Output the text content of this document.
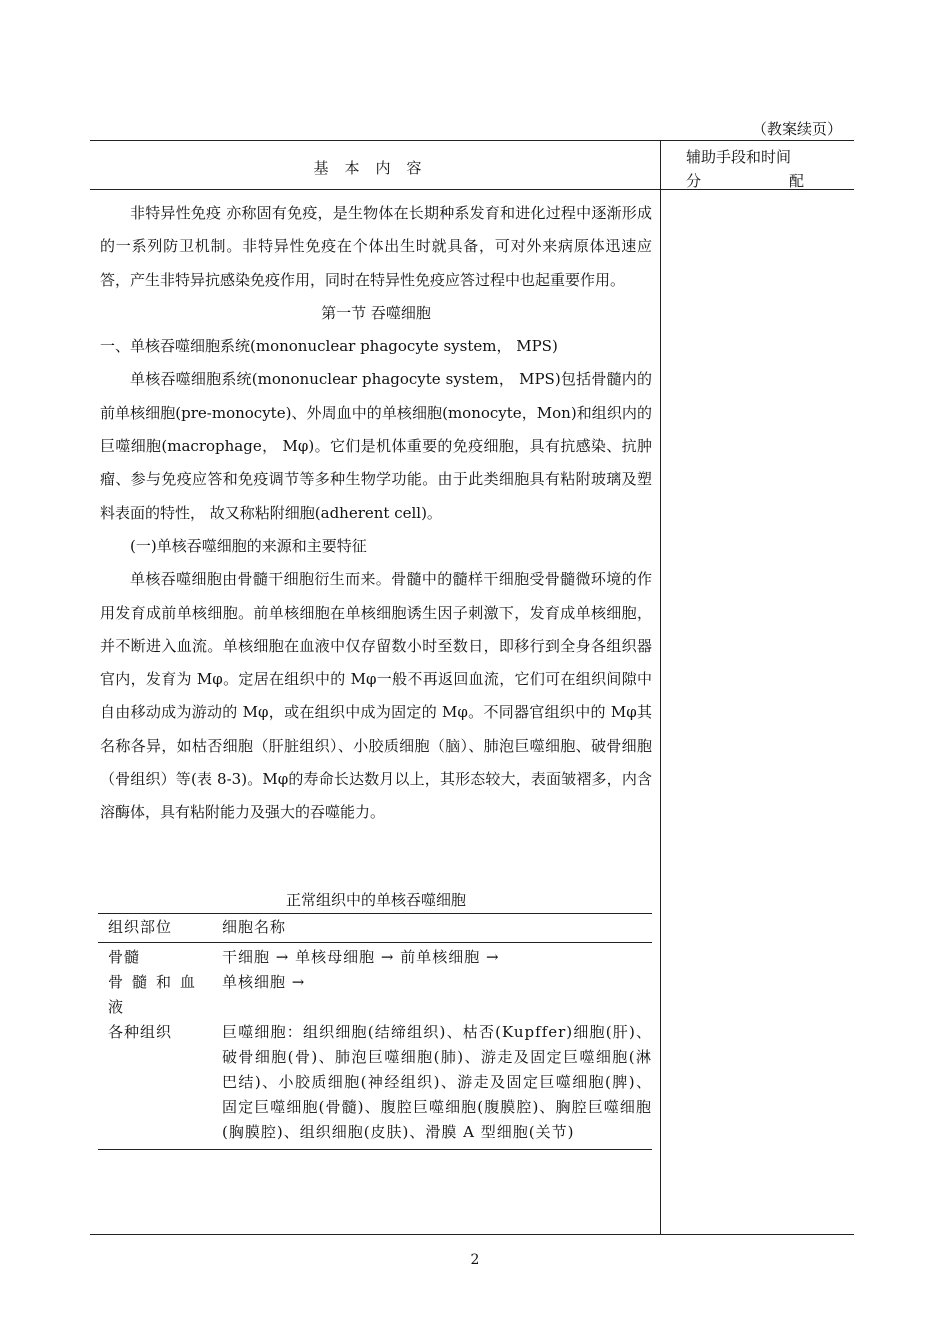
（教案续页）
基本内容
辅助手段和时间
分	配

非特异性免疫 亦称固有免疫，是生物体在长期种系发育和进化过程中逐渐形成的一系列防卫机制。非特异性免疫在个体出生时就具备，可对外来病原体迅速应答，产生非特异抗感染免疫作用，同时在特异性免疫应答过程中也起重要作用。

第一节 吞噬细胞

一、单核吞噬细胞系统(mononuclear phagocyte system， MPS)

单核吞噬细胞系统(mononuclear phagocyte system， MPS)包括骨髓内的前单核细胞(pre-monocyte)、外周血中的单核细胞(monocyte，Mon)和组织内的巨噬细胞(macrophage， Mφ)。它们是机体重要的免疫细胞，具有抗感染、抗肿瘤、参与免疫应答和免疫调节等多种生物学功能。由于此类细胞具有粘附玻璃及塑料表面的特性， 故又称粘附细胞(adherent cell)。

(一)单核吞噬细胞的来源和主要特征

单核吞噬细胞由骨髓干细胞衍生而来。骨髓中的髓样干细胞受骨髓微环境的作用发育成前单核细胞。前单核细胞在单核细胞诱生因子刺激下，发育成单核细胞，并不断进入血流。单核细胞在血液中仅存留数小时至数日，即移行到全身各组织器官内，发育为 Mφ。定居在组织中的 Mφ一般不再返回血流，它们可在组织间隙中自由移动成为游动的 Mφ，或在组织中成为固定的 Mφ。不同器官组织中的 Mφ其名称各异，如枯否细胞（肝脏组织）、小胶质细胞（脑）、肺泡巨噬细胞、破骨细胞（骨组织）等(表 8-3)。Mφ的寿命长达数月以上，其形态较大，表面皱褶多，内含溶酶体，具有粘附能力及强大的吞噬能力。

正常组织中的单核吞噬细胞
组织部位	细胞名称
骨髓	干细胞 → 单核母细胞 → 前单核细胞 →
骨髓和血液	单核细胞 →
各种组织	巨噬细胞：组织细胞(结缔组织)、枯否(Kupffer)细胞(肝)、破骨细胞(骨)、肺泡巨噬细胞(肺)、游走及固定巨噬细胞(淋巴结)、小胶质细胞(神经组织)、游走及固定巨噬细胞(脾)、固定巨噬细胞(骨髓)、腹腔巨噬细胞(腹膜腔)、胸腔巨噬细胞(胸膜腔)、组织细胞(皮肤)、滑膜 A 型细胞(关节)
2
